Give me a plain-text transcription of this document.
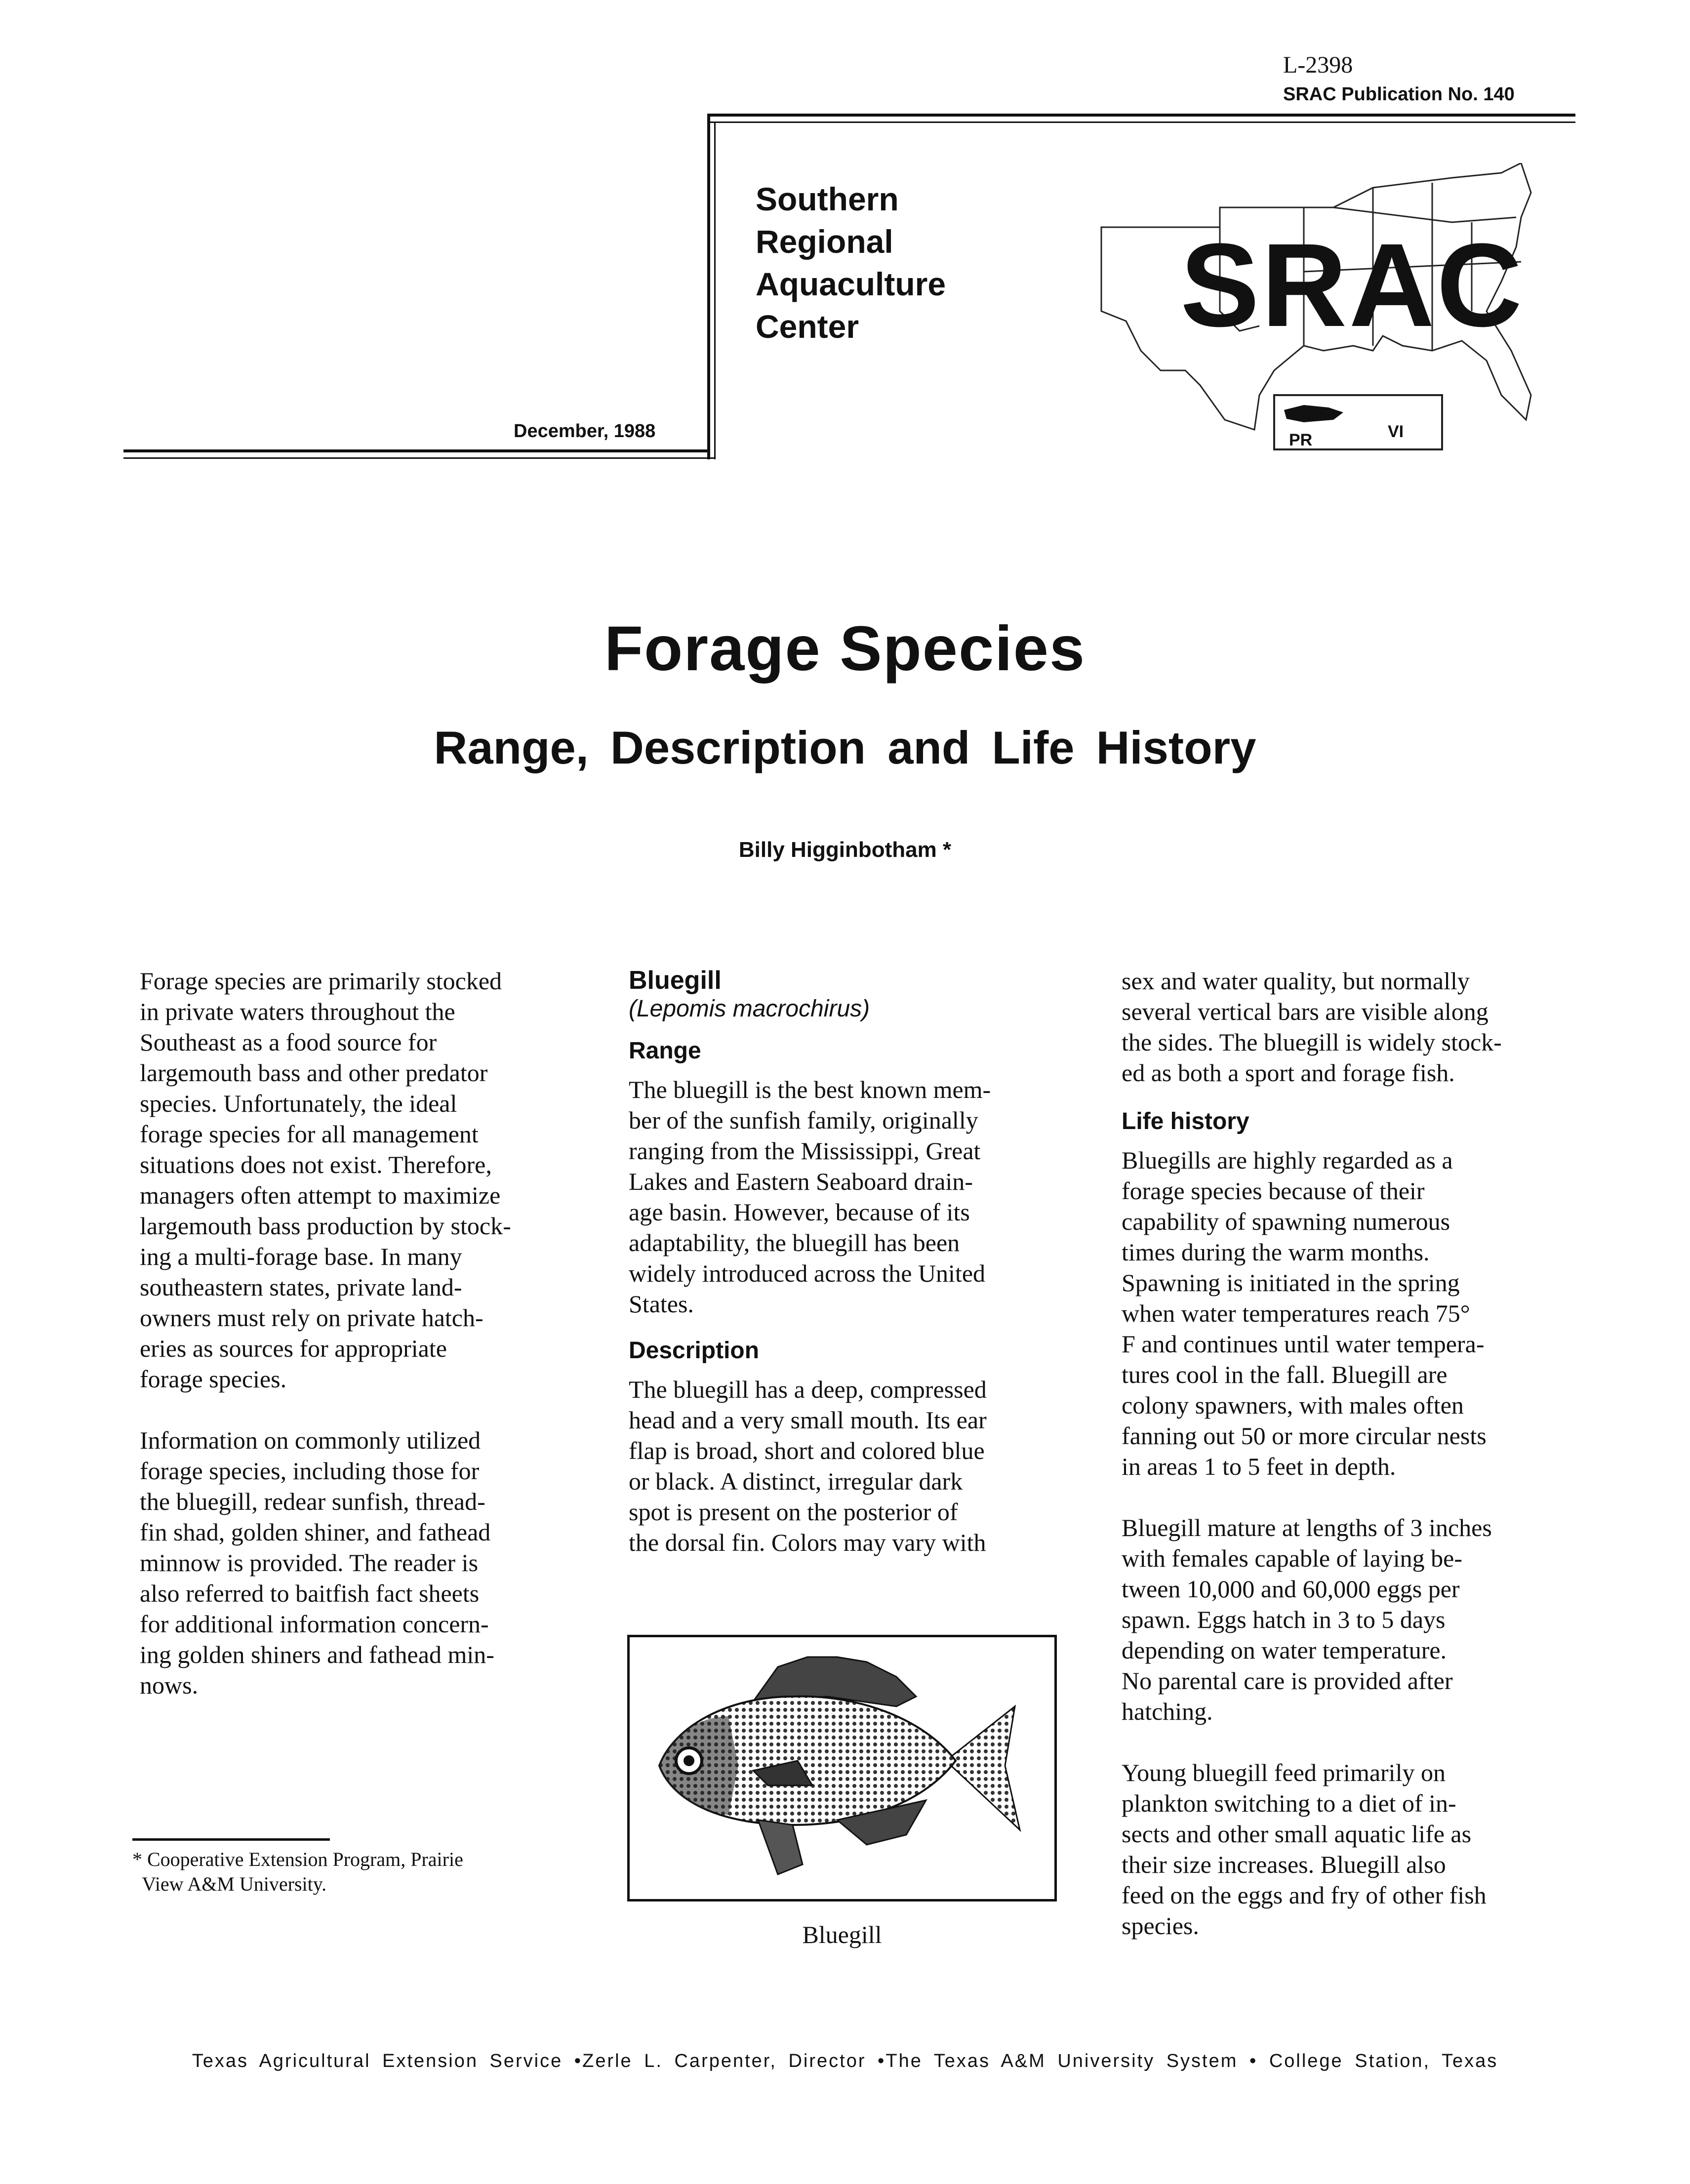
L-2398
SRAC Publication No. 140
Southern
Regional
Aquaculture
Center
December, 1988
SRAC
PR	VI
Forage Species
Range, Description and Life History
Billy Higginbotham *

Forage species are primarily stocked
in private waters throughout the
Southeast as a food source for
largemouth bass and other predator
species. Unfortunately, the ideal
forage species for all management
situations does not exist. Therefore,
managers often attempt to maximize
largemouth bass production by stock-
ing a multi-forage base. In many
southeastern states, private land-
owners must rely on private hatch-
eries as sources for appropriate
forage species.

Information on commonly utilized
forage species, including those for
the bluegill, redear sunfish, thread-
fin shad, golden shiner, and fathead
minnow is provided. The reader is
also referred to baitfish fact sheets
for additional information concern-
ing golden shiners and fathead min-
nows.

Bluegill

(Lepomis macrochirus)

Range

The bluegill is the best known mem-
ber of the sunfish family, originally
ranging from the Mississippi, Great
Lakes and Eastern Seaboard drain-
age basin. However, because of its
adaptability, the bluegill has been
widely introduced across the United
States.

Description

The bluegill has a deep, compressed
head and a very small mouth. Its ear
flap is broad, short and colored blue
or black. A distinct, irregular dark
spot is present on the posterior of
the dorsal fin. Colors may vary with

Bluegill

sex and water quality, but normally
several vertical bars are visible along
the sides. The bluegill is widely stock-
ed as both a sport and forage fish.

Life history

Bluegills are highly regarded as a
forage species because of their
capability of spawning numerous
times during the warm months.
Spawning is initiated in the spring
when water temperatures reach 75°
F and continues until water tempera-
tures cool in the fall. Bluegill are
colony spawners, with males often
fanning out 50 or more circular nests
in areas 1 to 5 feet in depth.

Bluegill mature at lengths of 3 inches
with females capable of laying be-
tween 10,000 and 60,000 eggs per
spawn. Eggs hatch in 3 to 5 days
depending on water temperature.
No parental care is provided after
hatching.

Young bluegill feed primarily on
plankton switching to a diet of in-
sects and other small aquatic life as
their size increases. Bluegill also
feed on the eggs and fry of other fish
species.

* Cooperative Extension Program, Prairie
View A&M University.
Texas Agricultural Extension Service •Zerle L. Carpenter, Director •The Texas A&M University System • College Station, Texas
